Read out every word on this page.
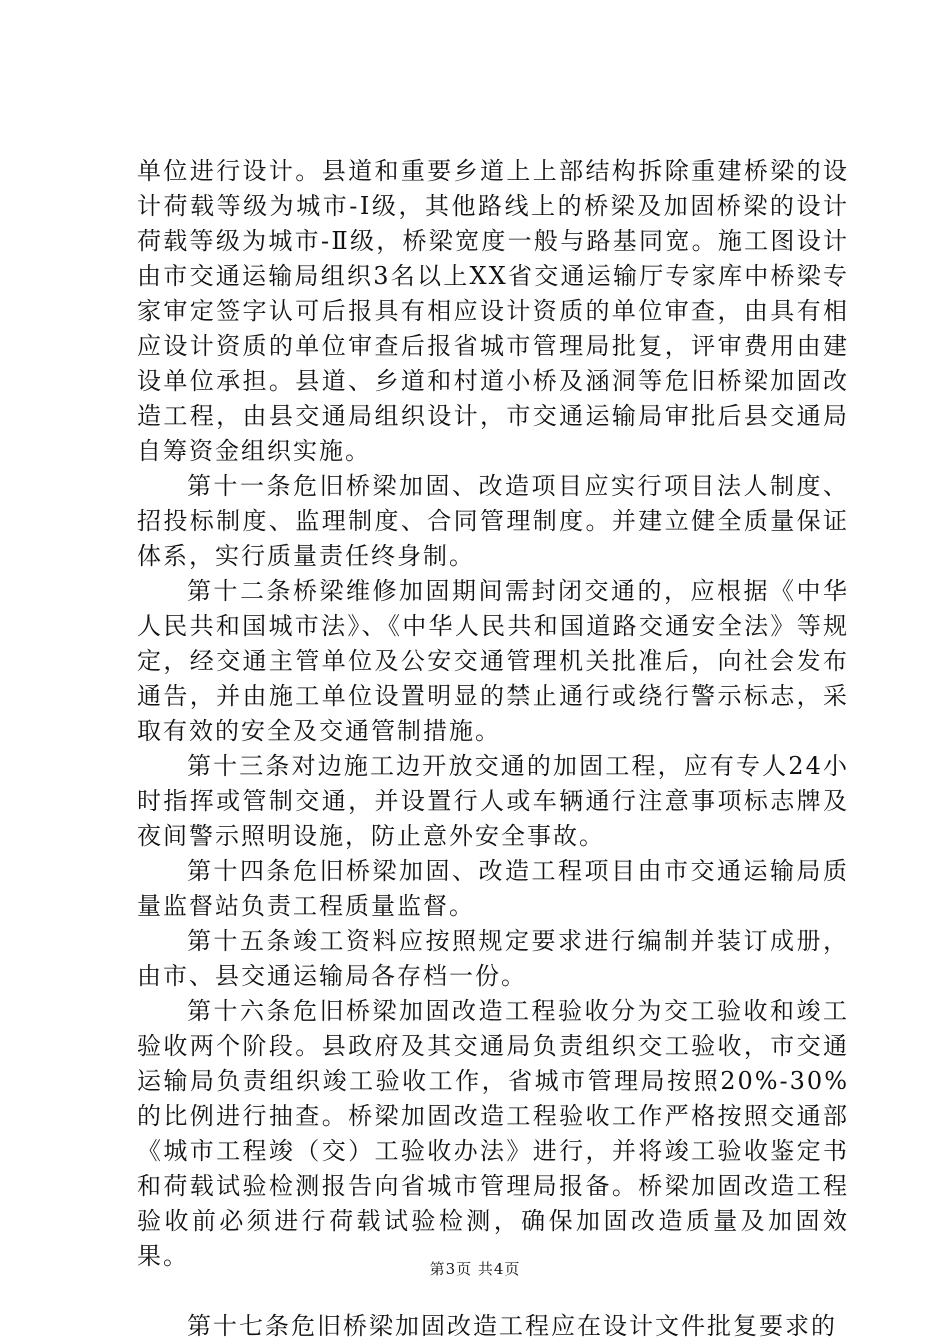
单位进行设计。县道和重要乡道上上部结构拆除重建桥梁的设计荷载等级为城市-Ⅰ级，其他路线上的桥梁及加固桥梁的设计荷载等级为城市-Ⅱ级，桥梁宽度一般与路基同宽。施工图设计由市交通运输局组织3名以上XX省交通运输厅专家库中桥梁专家审定签字认可后报具有相应设计资质的单位审查，由具有相应设计资质的单位审查后报省城市管理局批复，评审费用由建设单位承担。县道、乡道和村道小桥及涵洞等危旧桥梁加固改造工程，由县交通局组织设计，市交通运输局审批后县交通局自筹资金组织实施。

第十一条危旧桥梁加固、改造项目应实行项目法人制度、招投标制度、监理制度、合同管理制度。并建立健全质量保证体系，实行质量责任终身制。

第十二条桥梁维修加固期间需封闭交通的，应根据《中华人民共和国城市法》、《中华人民共和国道路交通安全法》等规定，经交通主管单位及公安交通管理机关批准后，向社会发布通告，并由施工单位设置明显的禁止通行或绕行警示标志，采取有效的安全及交通管制措施。

第十三条对边施工边开放交通的加固工程，应有专人24小时指挥或管制交通，并设置行人或车辆通行注意事项标志牌及夜间警示照明设施，防止意外安全事故。

第十四条危旧桥梁加固、改造工程项目由市交通运输局质量监督站负责工程质量监督。

第十五条竣工资料应按照规定要求进行编制并装订成册，由市、县交通运输局各存档一份。

第十六条危旧桥梁加固改造工程验收分为交工验收和竣工验收两个阶段。县政府及其交通局负责组织交工验收，市交通运输局负责组织竣工验收工作，省城市管理局按照20%-30%的比例进行抽查。桥梁加固改造工程验收工作严格按照交通部《城市工程竣（交）工验收办法》进行，并将竣工验收鉴定书和荷载试验检测报告向省城市管理局报备。桥梁加固改造工程验收前必须进行荷载试验检测，确保加固改造质量及加固效果。

第十七条危旧桥梁加固改造工程应在设计文件批复要求的

第3页 共4页
